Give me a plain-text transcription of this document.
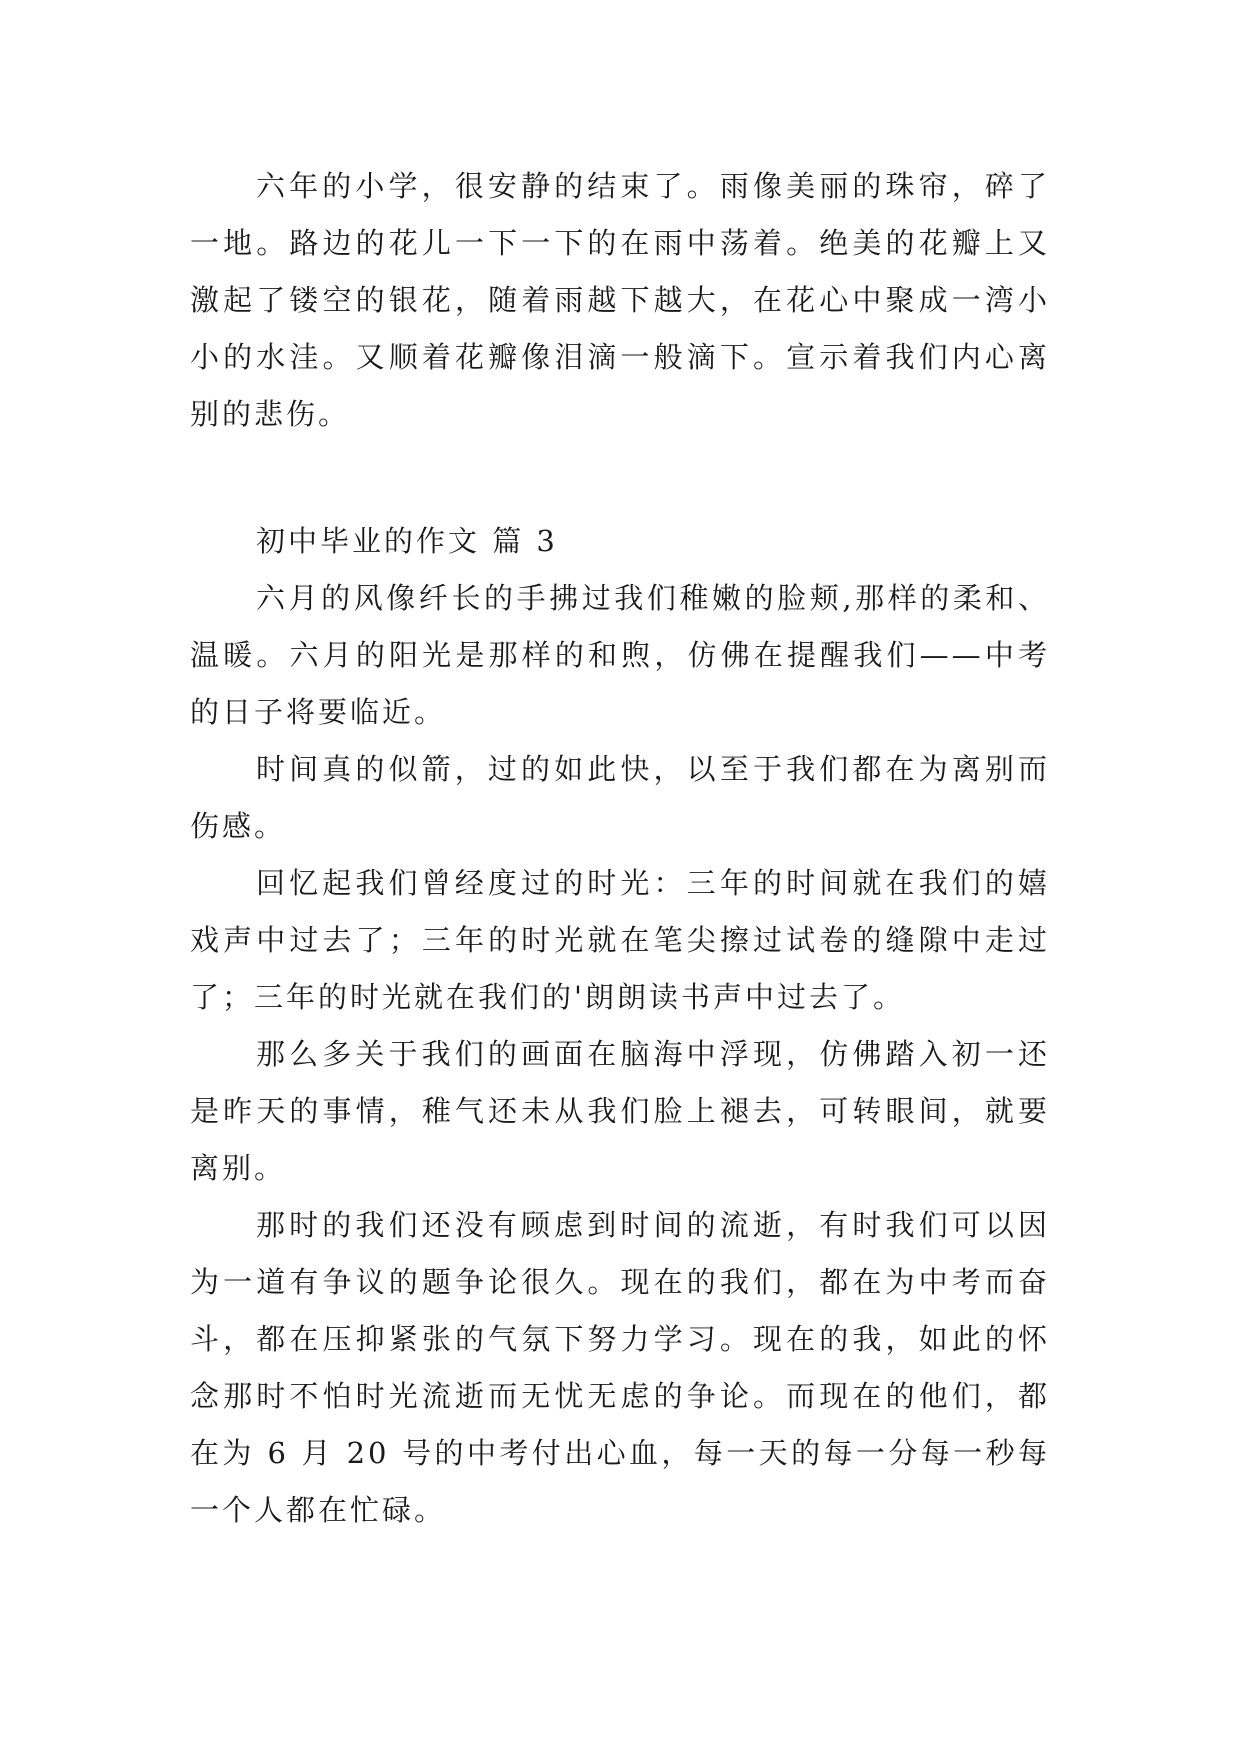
六年的小学，很安静的结束了。雨像美丽的珠帘，碎了一地。路边的花儿一下一下的在雨中荡着。绝美的花瓣上又激起了镂空的银花，随着雨越下越大，在花心中聚成一湾小小的水洼。又顺着花瓣像泪滴一般滴下。宣示着我们内心离别的悲伤。

初中毕业的作文 篇 3

六月的风像纤长的手拂过我们稚嫩的脸颊,那样的柔和、温暖。六月的阳光是那样的和煦，仿佛在提醒我们——中考的日子将要临近。

时间真的似箭，过的如此快，以至于我们都在为离别而伤感。

回忆起我们曾经度过的时光：三年的时间就在我们的嬉戏声中过去了；三年的时光就在笔尖擦过试卷的缝隙中走过了；三年的时光就在我们的'朗朗读书声中过去了。

那么多关于我们的画面在脑海中浮现，仿佛踏入初一还是昨天的事情，稚气还未从我们脸上褪去，可转眼间，就要离别。

那时的我们还没有顾虑到时间的流逝，有时我们可以因为一道有争议的题争论很久。现在的我们，都在为中考而奋斗，都在压抑紧张的气氛下努力学习。现在的我，如此的怀念那时不怕时光流逝而无忧无虑的争论。而现在的他们，都在为 6 月 20 号的中考付出心血，每一天的每一分每一秒每一个人都在忙碌。
